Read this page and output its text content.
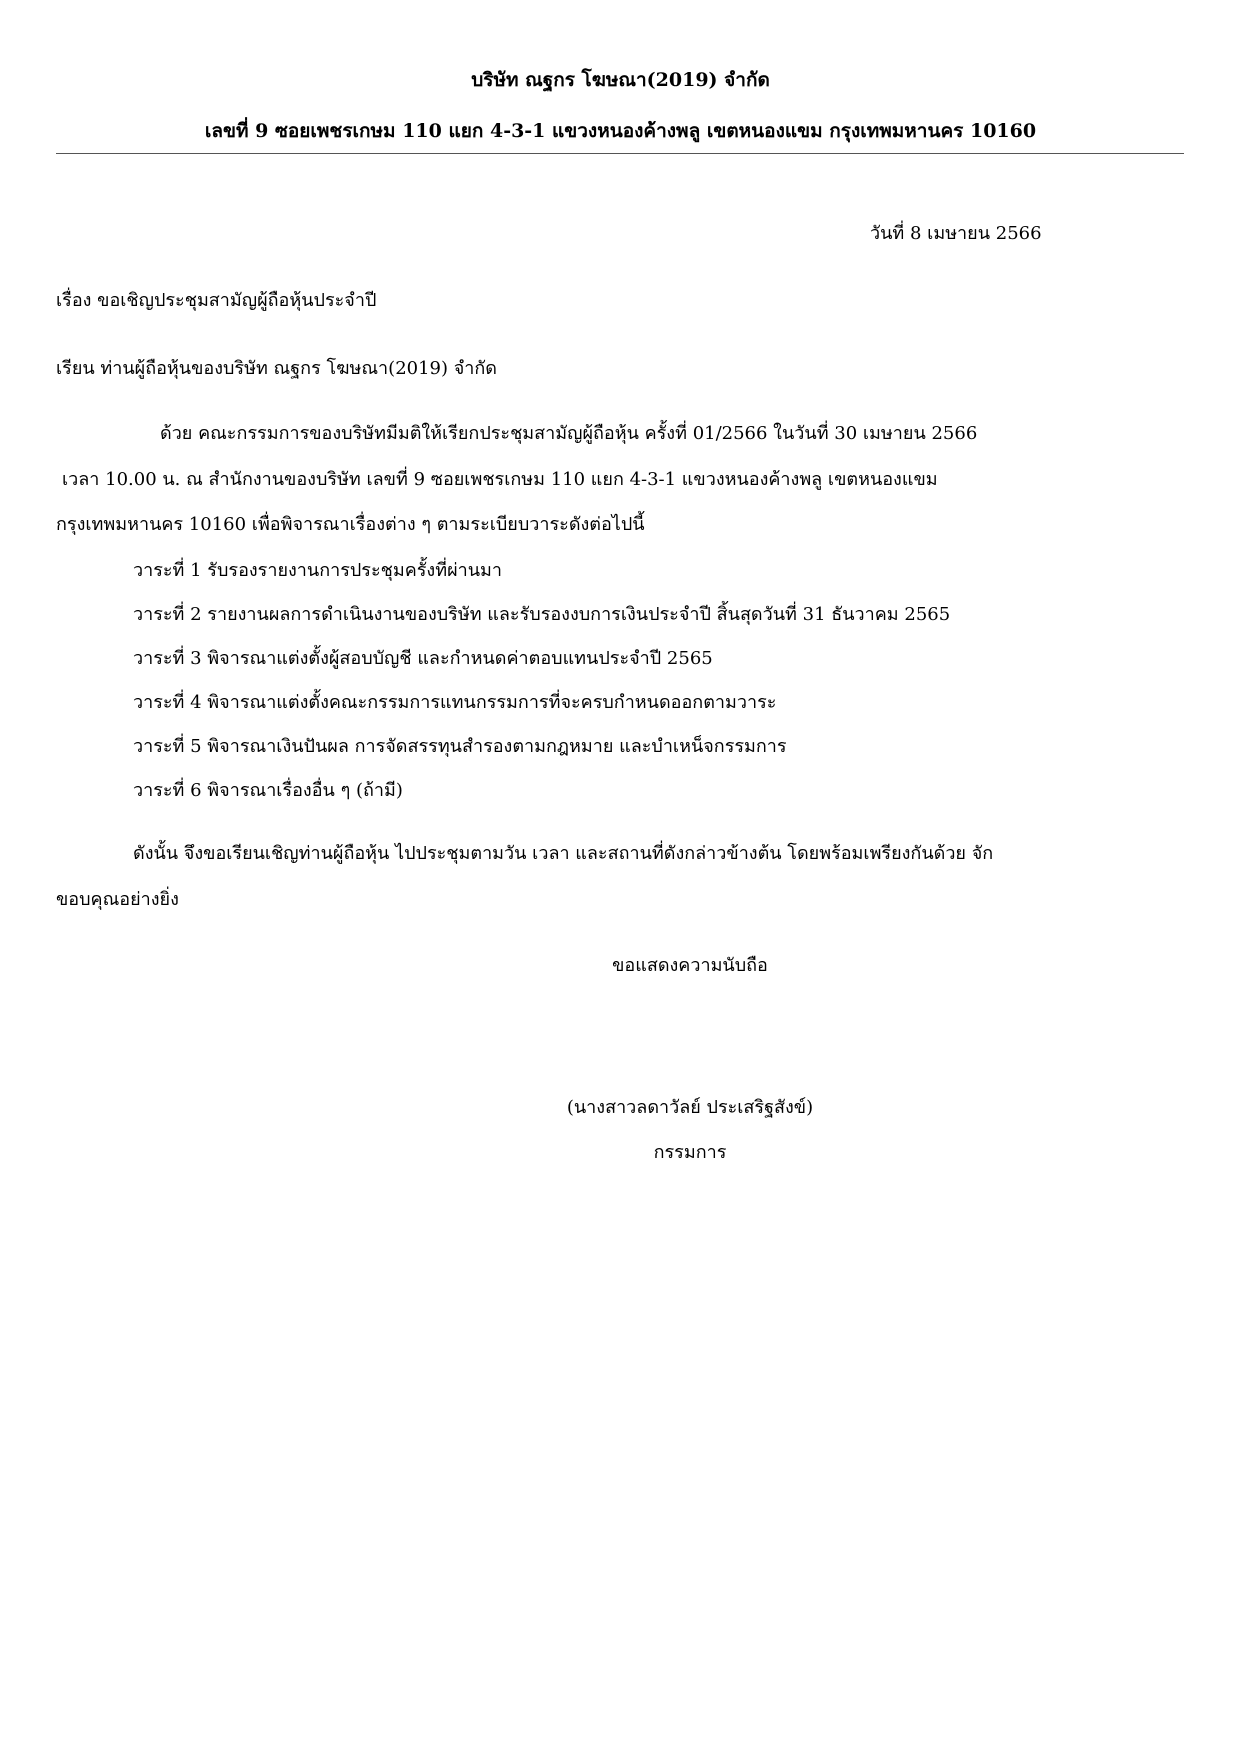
บริษัท ณฐกร โฆษณา(2019) จำกัด
เลขที่ 9 ซอยเพชรเกษม 110 แยก 4-3-1 แขวงหนองค้างพลู เขตหนองแขม กรุงเทพมหานคร 10160
วันที่ 8 เมษายน 2566
เรื่อง ขอเชิญประชุมสามัญผู้ถือหุ้นประจำปี
เรียน ท่านผู้ถือหุ้นของบริษัท ณฐกร โฆษณา(2019) จำกัด
ด้วย คณะกรรมการของบริษัทมีมติให้เรียกประชุมสามัญผู้ถือหุ้น ครั้งที่ 01/2566 ในวันที่ 30 เมษายน 2566
เวลา 10.00 น. ณ สำนักงานของบริษัท เลขที่ 9 ซอยเพชรเกษม 110 แยก 4-3-1 แขวงหนองค้างพลู เขตหนองแขม
กรุงเทพมหานคร 10160 เพื่อพิจารณาเรื่องต่าง ๆ ตามระเบียบวาระดังต่อไปนี้
วาระที่ 1 รับรองรายงานการประชุมครั้งที่ผ่านมา
วาระที่ 2 รายงานผลการดำเนินงานของบริษัท และรับรองงบการเงินประจำปี สิ้นสุดวันที่ 31 ธันวาคม 2565
วาระที่ 3 พิจารณาแต่งตั้งผู้สอบบัญชี และกำหนดค่าตอบแทนประจำปี 2565
วาระที่ 4 พิจารณาแต่งตั้งคณะกรรมการแทนกรรมการที่จะครบกำหนดออกตามวาระ
วาระที่ 5 พิจารณาเงินปันผล การจัดสรรทุนสำรองตามกฎหมาย และบำเหน็จกรรมการ
วาระที่ 6 พิจารณาเรื่องอื่น ๆ (ถ้ามี)
ดังนั้น จึงขอเรียนเชิญท่านผู้ถือหุ้น ไปประชุมตามวัน เวลา และสถานที่ดังกล่าวข้างต้น โดยพร้อมเพรียงกันด้วย จัก
ขอบคุณอย่างยิ่ง
ขอแสดงความนับถือ
(นางสาวลดาวัลย์ ประเสริฐสังข์)
กรรมการ
